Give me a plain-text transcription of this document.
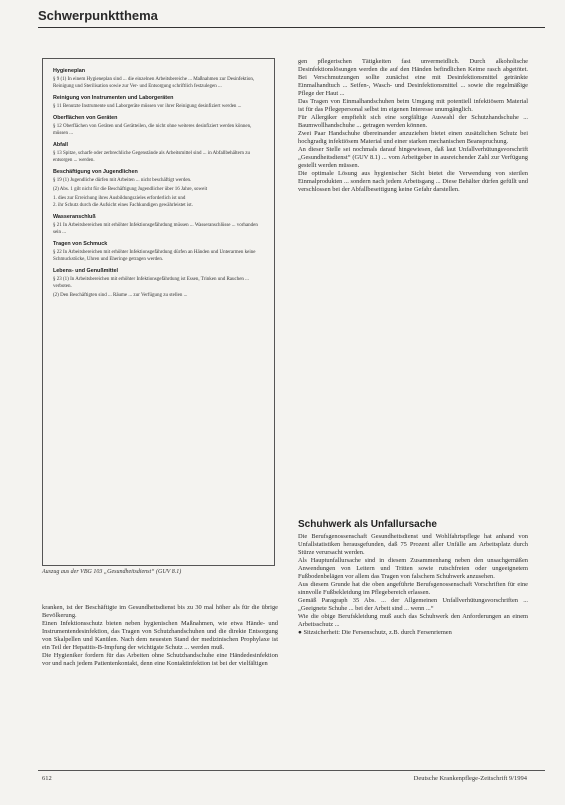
Schwerpunktthema
Hygieneplan

§ 9 (1) In einem Hygieneplan sind ... die einzelnen Arbeitsbereiche ... Maßnahmen zur Desinfektion, Reinigung und Sterilisation sowie zur Ver- und Entsorgung schriftlich festzulegen ...

Reinigung von Instrumenten und Laborgeräten

§ 11 Benutzte Instrumente und Laborgeräte müssen vor ihrer Reinigung desinfiziert werden ...

Oberflächen von Geräten

§ 12 Oberflächen von Geräten und Gerätteilen, die nicht ohne weiteres desinfiziert werden können, müssen ...

Abfall

§ 13 Spitze, scharfe oder zerbrechliche Gegenstände als Arbeitsmittel sind ... in Abfallbehältern zu entsorgen ... werden.

Beschäftigung von Jugendlichen

§ 19 (1) Jugendliche dürfen mit Arbeiten ... nicht beschäftigt werden.

(2) Abs. 1 gilt nicht für die Beschäftigung Jugendlicher über 16 Jahre, soweit

1. dies zur Erreichung ihres Ausbildungszieles erforderlich ist und
2. ihr Schutz durch die Aufsicht eines Fachkundigen gewährleistet ist.
Wasseranschluß

§ 21 In Arbeitsbereichen mit erhöhter Infektionsgefährdung müssen ... Wasseranschlüsse ... vorhanden sein ...

Tragen von Schmuck

§ 22 In Arbeitsbereichen mit erhöhter Infektionsgefährdung dürfen an Händen und Unterarmen keine Schmuckstücke, Uhren und Eheringe getragen werden.

Lebens- und Genußmittel

§ 23 (1) In Arbeitsbereichen mit erhöhter Infektionsgefährdung ist Essen, Trinken und Rauchen ... verboten.

(2) Den Beschäftigten sind ... Räume ... zur Verfügung zu stellen ...

Auszug aus der VBG 103 „Gesundheitsdienst“ (GUV 8.1)

kranken, ist der Beschäftigte im Gesundheitsdienst bis zu 30 mal höher als für die übrige Bevölkerung.

Einen Infektionsschutz bieten neben hygienischen Maßnahmen, wie etwa Hände- und Instrumentendesinfektion, das Tragen von Schutzhandschuhen und die direkte Entsorgung von Skalpellen und Kanülen. Nach dem neuesten Stand der medizinischen Prophylaxe ist ein Teil der Hepatitis-B-Impfung der wichtigste Schutz ... werden muß.

Die Hygieniker fordern für das Arbeiten ohne Schutzhandschuhe eine Händedesinfektion vor und nach jedem Patientenkontakt, denn eine Kontaktinfektion ist bei der vielfältigen

gen pflegerischen Tätigkeiten fast unvermeidlich. Durch alkoholische Desinfektionslösungen werden die auf den Händen befindlichen Keime rasch abgetötet. Bei Verschmutzungen sollte zunächst eine mit Desinfektionsmittel getränkte Einmalhandtuch ... Seifen-, Wasch- und Desinfektionsmittel ... sowie die regelmäßige Pflege der Haut ...

Das Tragen von Einmalhandschuhen beim Umgang mit potentiell infektiösem Material ist für das Pflegepersonal selbst im eigenen Interesse unumgänglich.

Für Allergiker empfiehlt sich eine sorgfältige Auswahl der Schutzhandschuhe ... Baumwollhandschuhe ... getragen werden können.

Zwei Paar Handschuhe übereinander anzuziehen bietet einen zusätzlichen Schutz bei hochgradig infektiösem Material und einer starken mechanischen Beanspruchung.

An dieser Stelle sei nochmals darauf hingewiesen, daß laut Unfallverhütungsvorschrift „Gesundheitsdienst“ (GUV 8.1) ... vom Arbeitgeber in ausreichender Zahl zur Verfügung gestellt werden müssen.

Die optimale Lösung aus hygienischer Sicht bietet die Verwendung von sterilen Einmalprodukten ... sondern nach jedem Arbeitsgang ... Diese Behälter dürfen gefüllt und verschlossen bei der Abfallbeseitigung keine Gefahr darstellen.

Schuhwerk als Unfallursache

Die Berufsgenossenschaft Gesundheitsdienst und Wohlfahrtspflege hat anhand von Unfallstatistiken herausgefunden, daß 75 Prozent aller Unfälle am Arbeitsplatz durch Stürze verursacht werden.

Als Hauptunfallursache sind in diesem Zusammenhang neben den unsachgemäßen Anwendungen von Leitern und Tritten sowie rutschfreien oder ungeeignetem Fußbodenbelägen vor allem das Tragen von falschem Schuhwerk anzusehen.

Aus diesem Grunde hat die oben angeführte Berufsgenossenschaft Vorschriften für eine sinnvolle Fußbekleidung im Pflegebereich erlassen.

Gemäß Paragraph 35 Abs. ... der Allgemeinen Unfallverhütungsvorschriften ... „Geeignete Schuhe ... bei der Arbeit sind ... wenn ...“

Wie die obige Berufskleidung muß auch das Schuhwerk den Anforderungen an einem Arbeitsschutz ...

● Sitzsicherheit: Die Fersenschutz, z.B. durch Fersenriemen

612	Deutsche Krankenpflege-Zeitschrift 9/1994
